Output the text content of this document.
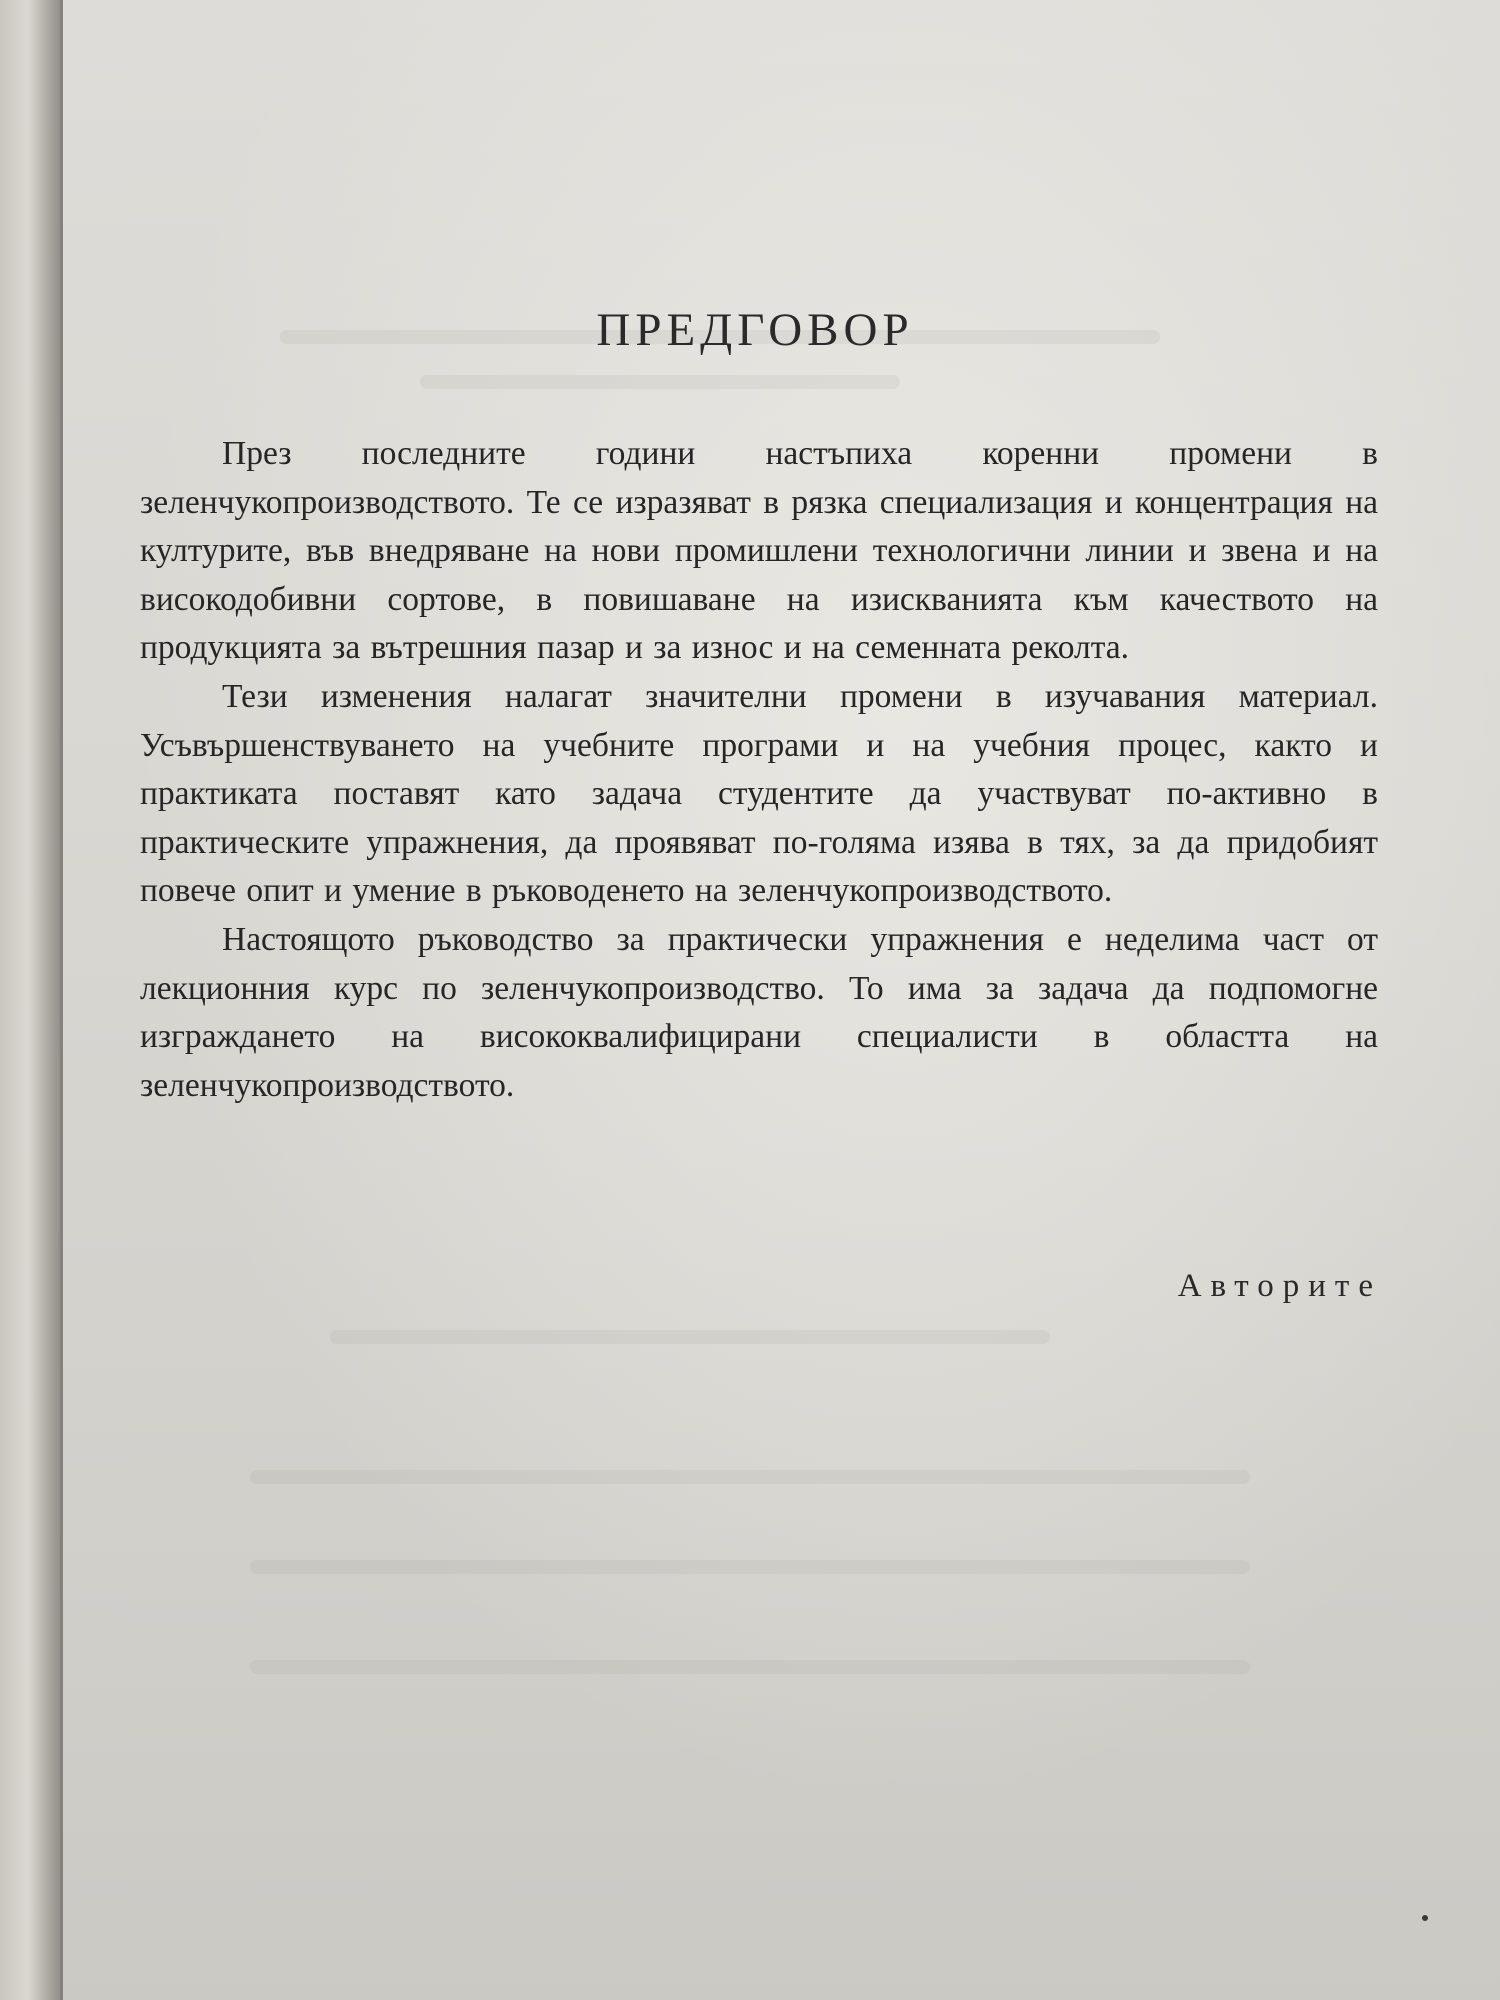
ПРЕДГОВОР

През последните години настъпиха коренни промени в зеленчукопроизводството. Те се изразяват в рязка специализация и концентрация на културите, във внедряване на нови промишлени технологични линии и звена и на високодобивни сортове, в повишаване на изискванията към качеството на продукцията за вътрешния пазар и за износ и на семенната реколта.

Тези изменения налагат значителни промени в изучавания материал. Усъвършенствуването на учебните програми и на учебния процес, както и практиката поставят като задача студентите да участвуват по-активно в практическите упражнения, да проявяват по-голяма изява в тях, за да придобият повече опит и умение в ръководенето на зеленчукопроизводството.

Настоящото ръководство за практически упражнения е неделима част от лекционния курс по зеленчукопроизводство. То има за задача да подпомогне изграждането на висококвалифицирани специалисти в областта на зеленчукопроизводството.

Авторите
